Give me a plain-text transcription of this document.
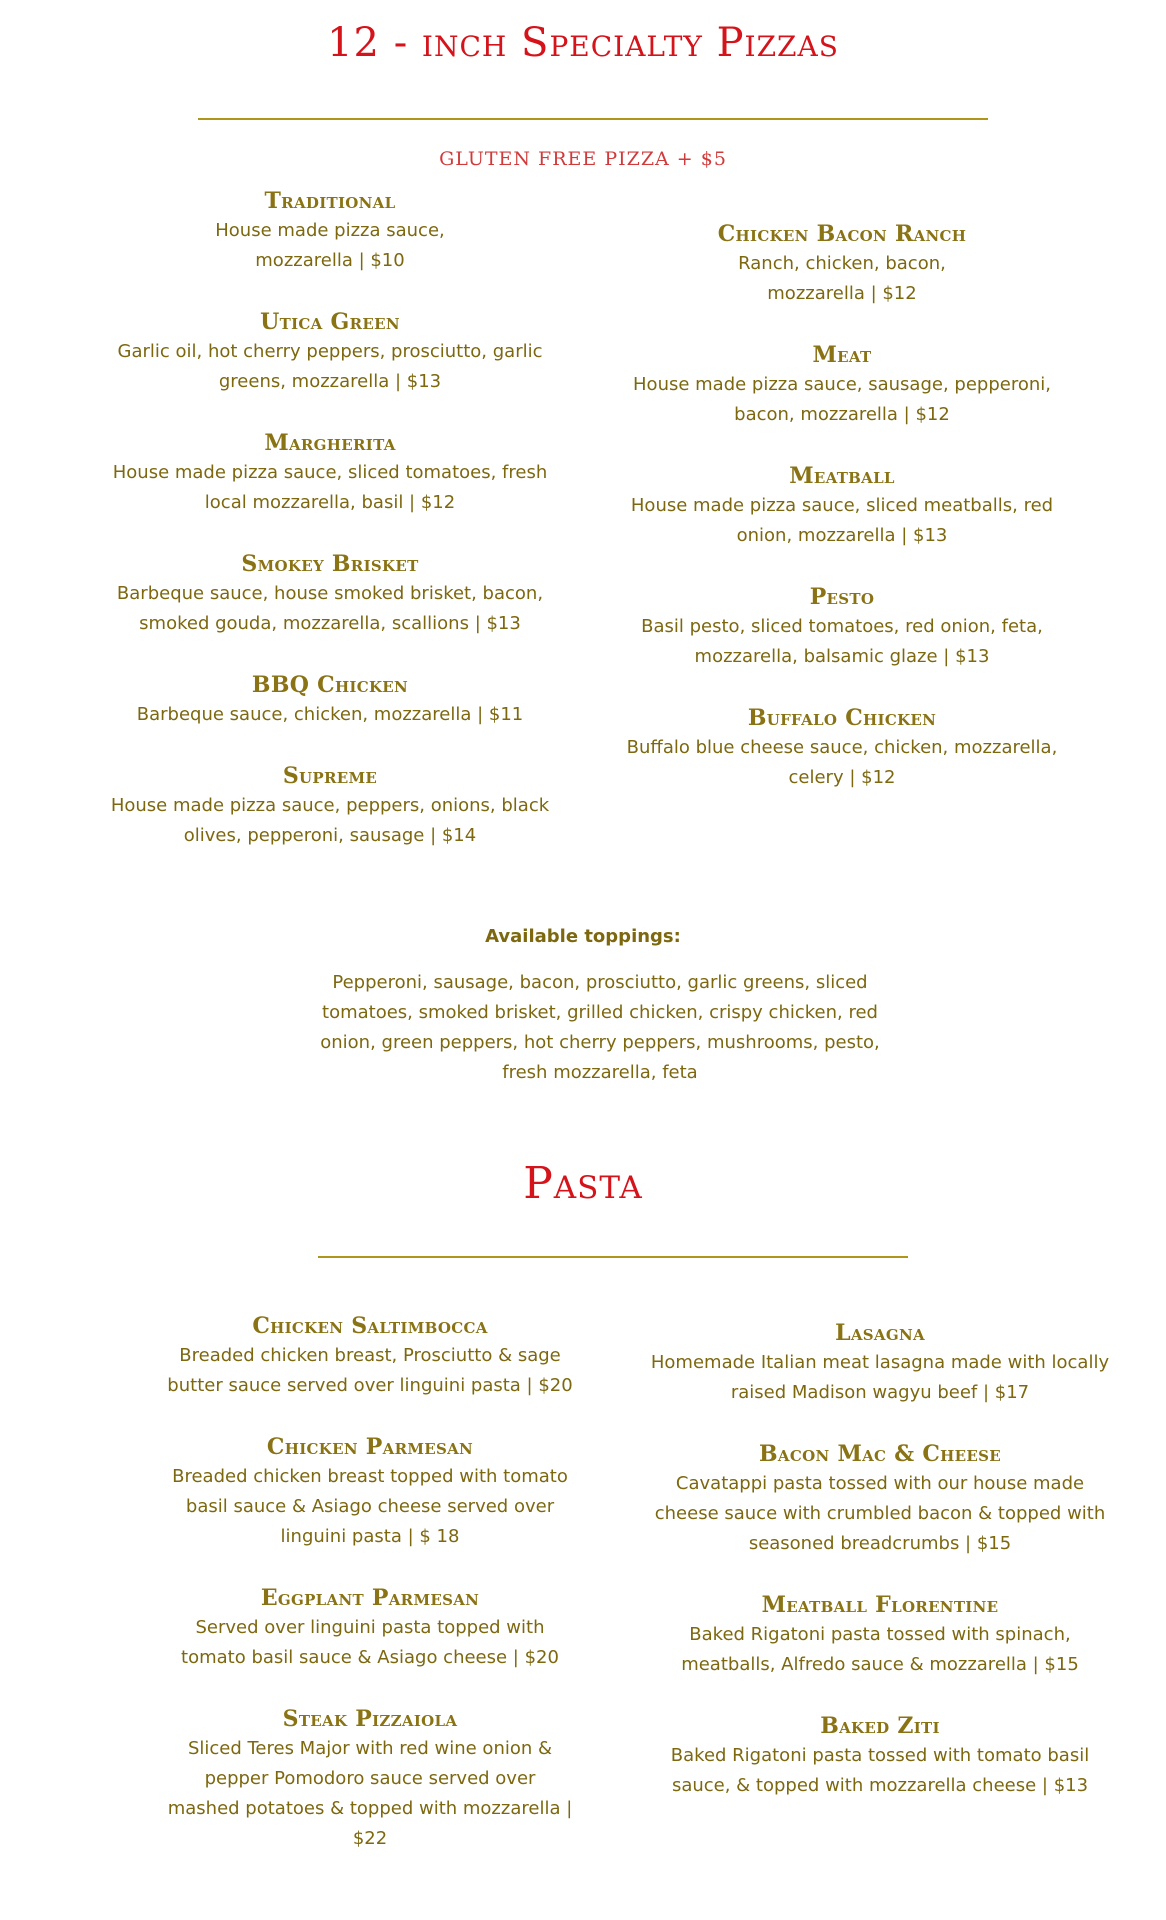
12 - inch Specialty Pizzas
GLUTEN FREE PIZZA + $5
Traditional
House made pizza sauce,
mozzarella | $10
Utica Green
Garlic oil, hot cherry peppers, prosciutto, garlic
greens, mozzarella | $13
Margherita
House made pizza sauce, sliced tomatoes, fresh
local mozzarella, basil | $12
Smokey Brisket
Barbeque sauce, house smoked brisket, bacon,
smoked gouda, mozzarella, scallions | $13
BBQ Chicken
Barbeque sauce, chicken, mozzarella | $11
Supreme
House made pizza sauce, peppers, onions, black
olives, pepperoni, sausage | $14
Chicken Bacon Ranch
Ranch, chicken, bacon,
mozzarella | $12
Meat
House made pizza sauce, sausage, pepperoni,
bacon, mozzarella | $12
Meatball
House made pizza sauce, sliced meatballs, red
onion, mozzarella | $13
Pesto
Basil pesto, sliced tomatoes, red onion, feta,
mozzarella, balsamic glaze | $13
Buffalo Chicken
Buffalo blue cheese sauce, chicken, mozzarella,
celery | $12
Available toppings:
Pepperoni, sausage, bacon, prosciutto, garlic greens, sliced
tomatoes, smoked brisket, grilled chicken, crispy chicken, red
onion, green peppers, hot cherry peppers, mushrooms, pesto,
fresh mozzarella, feta
Pasta
Chicken Saltimbocca
Breaded chicken breast, Prosciutto & sage
butter sauce served over linguini pasta | $20
Chicken Parmesan
Breaded chicken breast topped with tomato
basil sauce & Asiago cheese served over
linguini pasta | $ 18
Eggplant Parmesan
Served over linguini pasta topped with
tomato basil sauce & Asiago cheese | $20
Steak Pizzaiola
Sliced Teres Major with red wine onion &
pepper Pomodoro sauce served over
mashed potatoes & topped with mozzarella |
$22
Lasagna
Homemade Italian meat lasagna made with locally
raised Madison wagyu beef | $17
Bacon Mac & Cheese
Cavatappi pasta tossed with our house made
cheese sauce with crumbled bacon & topped with
seasoned breadcrumbs | $15
Meatball Florentine
Baked Rigatoni pasta tossed with spinach,
meatballs, Alfredo sauce & mozzarella | $15
Baked Ziti
Baked Rigatoni pasta tossed with tomato basil
sauce, & topped with mozzarella cheese | $13
